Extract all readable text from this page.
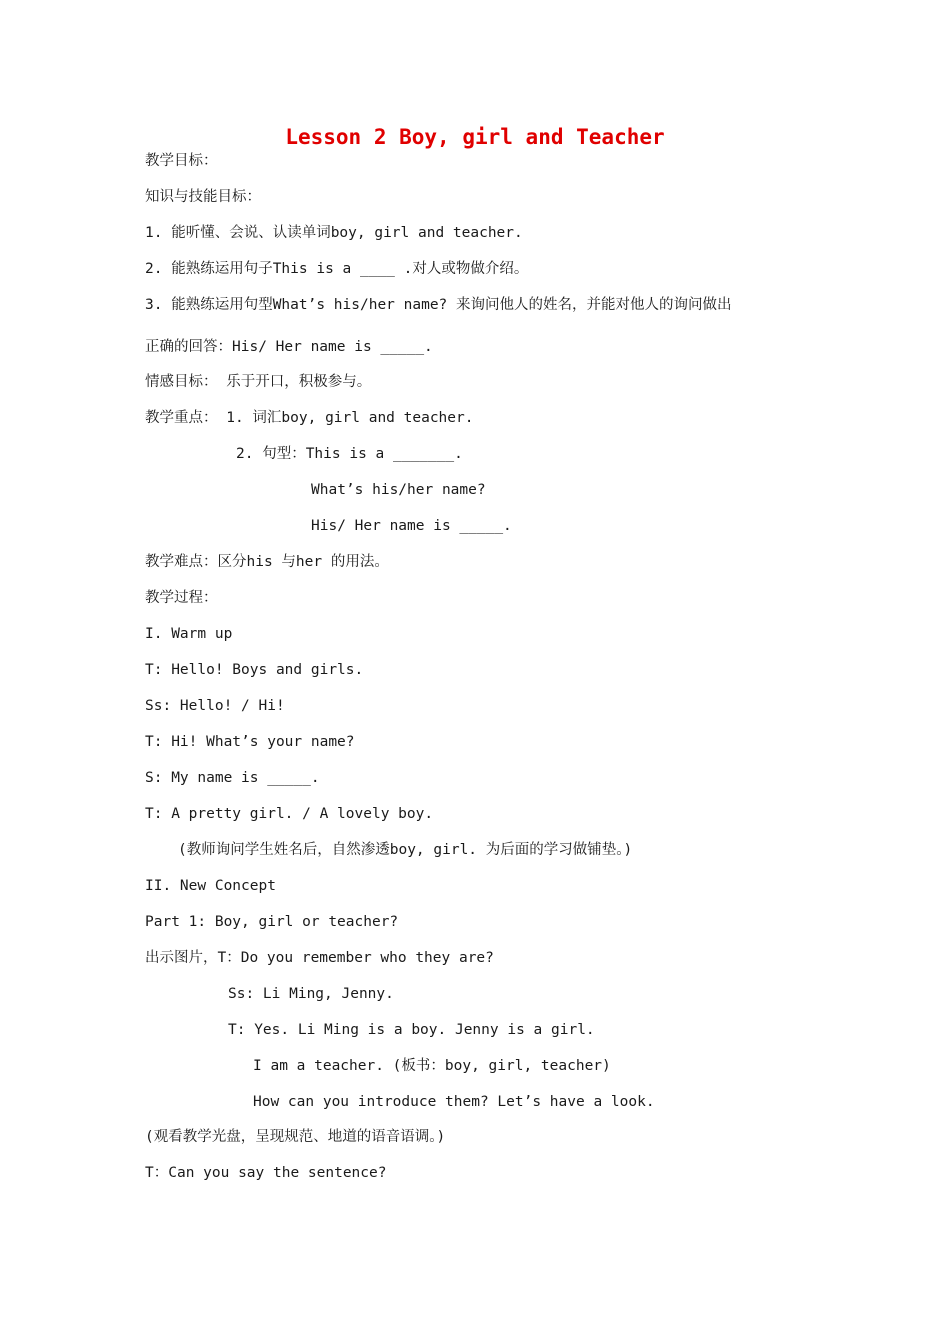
Lesson 2 Boy, girl and Teacher
教学目标：
知识与技能目标：
1. 能听懂、会说、认读单词boy, girl and teacher.
2. 能熟练运用句子This is a ____ .对人或物做介绍。
3. 能熟练运用句型What’s his/her name? 来询问他人的姓名，并能对他人的询问做出
正确的回答：His/ Her name is _____.
情感目标： 乐于开口，积极参与。
教学重点： 1. 词汇boy, girl and teacher.
2. 句型：This is a _______.
What’s his/her name?
His/ Her name is _____.
教学难点：区分his 与her 的用法。
教学过程：
I. Warm up
T: Hello! Boys and girls.
Ss: Hello! / Hi!
T: Hi! What’s your name?
S: My name is _____.
T: A pretty girl. / A lovely boy.
(教师询问学生姓名后，自然渗透boy, girl. 为后面的学习做铺垫。)
II. New Concept
Part 1: Boy, girl or teacher?
出示图片，T：Do you remember who they are?
Ss: Li Ming, Jenny.
T: Yes. Li Ming is a boy. Jenny is a girl.
I am a teacher. (板书：boy, girl, teacher)
How can you introduce them? Let’s have a look.
(观看教学光盘，呈现规范、地道的语音语调。)
T：Can you say the sentence?
